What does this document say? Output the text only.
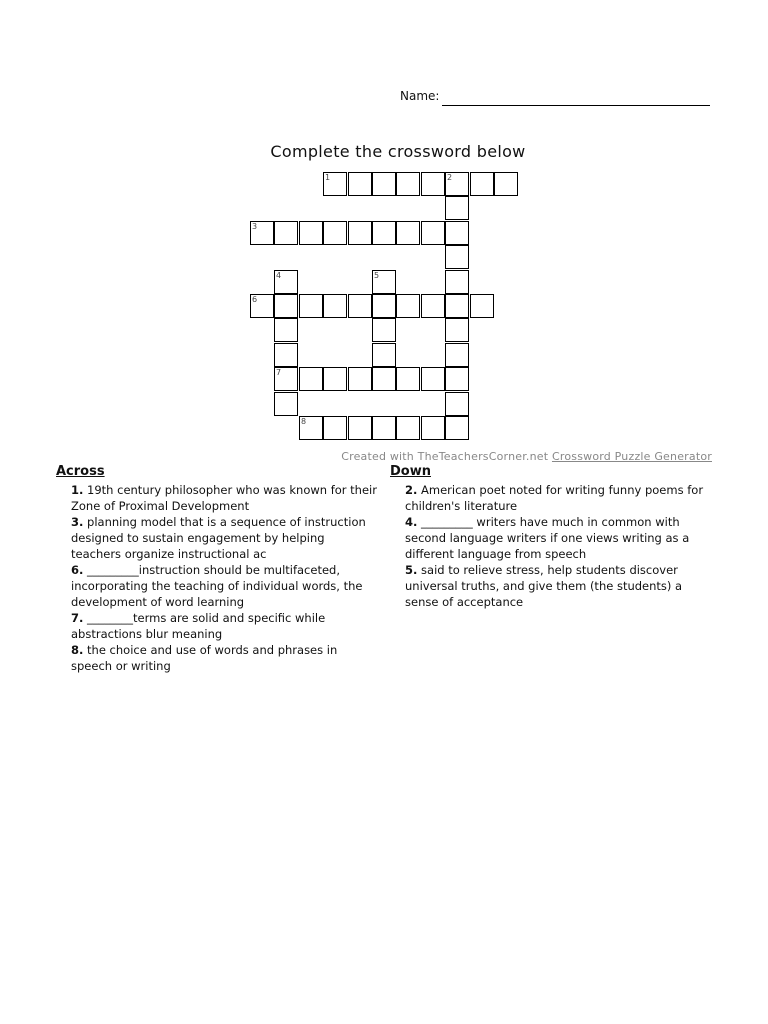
Name:
Complete the crossword below
1	2
3
4
7
5
6
8
Created with TheTeachersCorner.net Crossword Puzzle Generator
Across

1. 19th century philosopher who was known for their Zone of Proximal Development

3. planning model that is a sequence of instruction designed to sustain engagement by helping teachers organize instructional ac

6. _________instruction should be multifaceted, incorporating the teaching of individual words, the development of word learning

7. ________terms are solid and specific while abstractions blur meaning

8. the choice and use of words and phrases in speech or writing

Down

2. American poet noted for writing funny poems for children's literature

4. _________ writers have much in common with second language writers if one views writing as a different language from speech

5. said to relieve stress, help students discover universal truths, and give them (the students) a sense of acceptance
